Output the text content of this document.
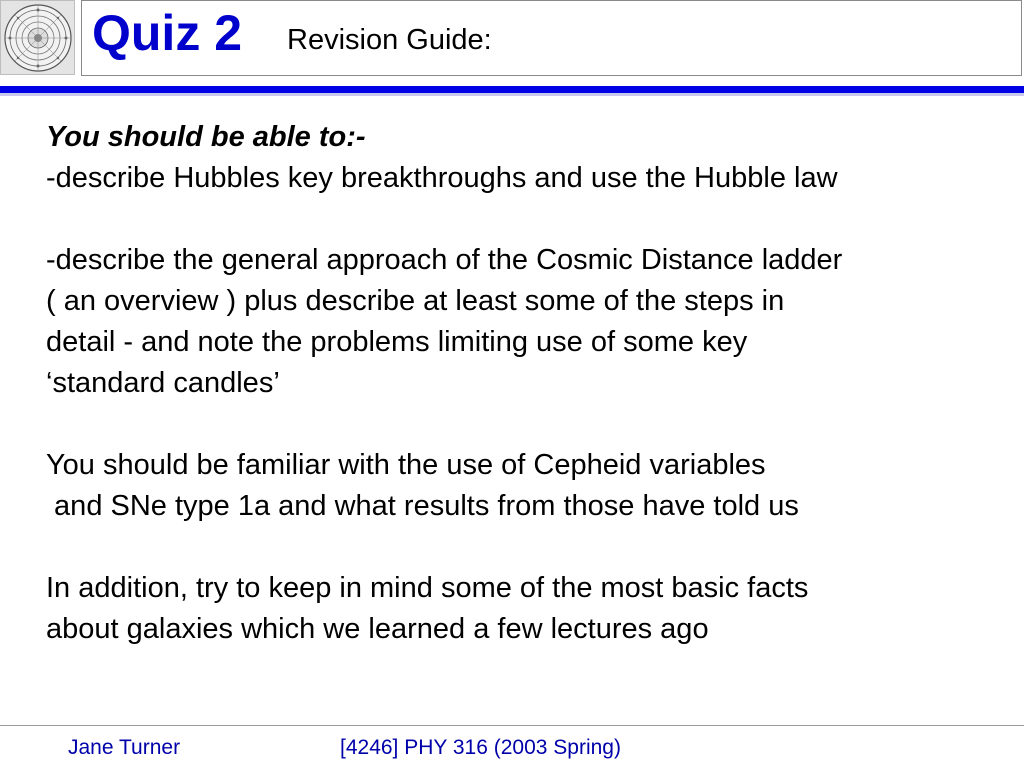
Quiz 2 Revision Guide:

You should be able to:-

-describe Hubbles key breakthroughs and use the Hubble law

-describe the general approach of the Cosmic Distance ladder

( an overview ) plus describe at least some of the steps in

detail - and note the problems limiting use of some key

‘standard candles’

You should be familiar with the use of Cepheid variables

and SNe type 1a and what results from those have told us

In addition, try to keep in mind some of the most basic facts

about galaxies which we learned a few lectures ago

Jane Turner	[4246] PHY 316 (2003 Spring)
